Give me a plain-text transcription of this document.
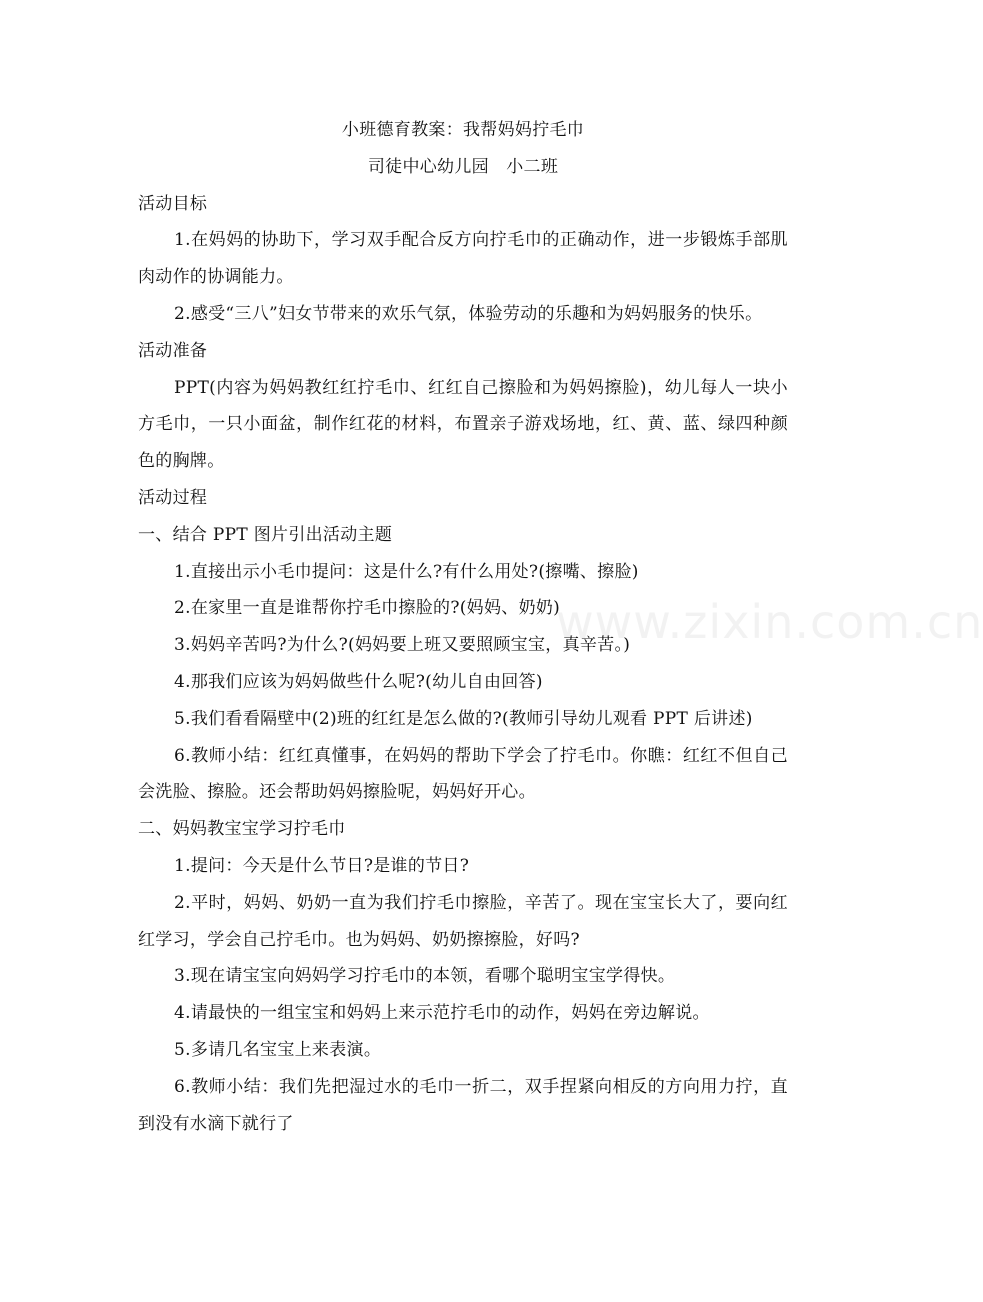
www.zixin.com.cn
小班德育教案：我帮妈妈拧毛巾
司徒中心幼儿园　小二班
活动目标
1.在妈妈的协助下，学习双手配合反方向拧毛巾的正确动作，进一步锻炼手部肌肉动作的协调能力。
2.感受“三八”妇女节带来的欢乐气氛，体验劳动的乐趣和为妈妈服务的快乐。
活动准备
PPT(内容为妈妈教红红拧毛巾、红红自己擦脸和为妈妈擦脸)，幼儿每人一块小方毛巾，一只小面盆，制作红花的材料，布置亲子游戏场地，红、黄、蓝、绿四种颜色的胸牌。
活动过程
一、结合 PPT 图片引出活动主题
1.直接出示小毛巾提问：这是什么?有什么用处?(擦嘴、擦脸)
2.在家里一直是谁帮你拧毛巾擦脸的?(妈妈、奶奶)
3.妈妈辛苦吗?为什么?(妈妈要上班又要照顾宝宝，真辛苦。)
4.那我们应该为妈妈做些什么呢?(幼儿自由回答)
5.我们看看隔壁中(2)班的红红是怎么做的?(教师引导幼儿观看 PPT 后讲述)
6.教师小结：红红真懂事，在妈妈的帮助下学会了拧毛巾。你瞧：红红不但自己会洗脸、擦脸。还会帮助妈妈擦脸呢，妈妈好开心。
二、妈妈教宝宝学习拧毛巾
1.提问：今天是什么节日?是谁的节日?
2.平时，妈妈、奶奶一直为我们拧毛巾擦脸，辛苦了。现在宝宝长大了，要向红红学习，学会自己拧毛巾。也为妈妈、奶奶擦擦脸，好吗?
3.现在请宝宝向妈妈学习拧毛巾的本领，看哪个聪明宝宝学得快。
4.请最快的一组宝宝和妈妈上来示范拧毛巾的动作，妈妈在旁边解说。
5.多请几名宝宝上来表演。
6.教师小结：我们先把湿过水的毛巾一折二，双手捏紧向相反的方向用力拧，直到没有水滴下就行了
